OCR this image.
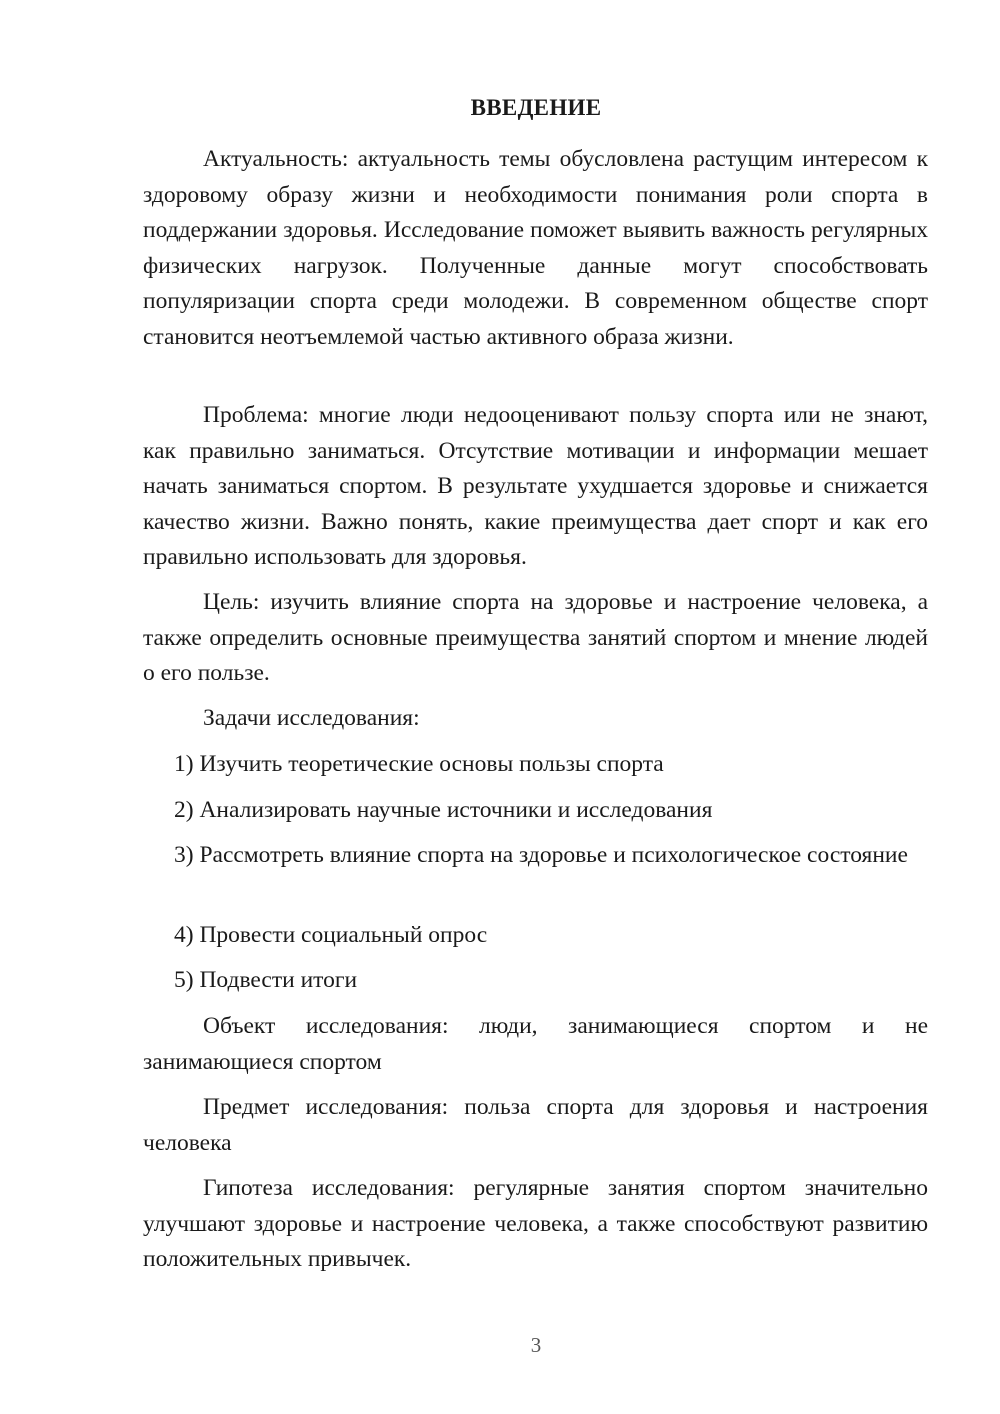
ВВЕДЕНИЕ

Актуальность: актуальность темы обусловлена растущим интересом к здоровому образу жизни и необходимости понимания роли спорта в поддержании здоровья. Исследование поможет выявить важность регулярных физических нагрузок. Полученные данные могут способствовать популяризации спорта среди молодежи. В современном обществе спорт становится неотъемлемой частью активного образа жизни.

Проблема: многие люди недооценивают пользу спорта или не знают, как правильно заниматься. Отсутствие мотивации и информации мешает начать заниматься спортом. В результате ухудшается здоровье и снижается качество жизни. Важно понять, какие преимущества дает спорт и как его правильно использовать для здоровья.

Цель: изучить влияние спорта на здоровье и настроение человека, а также определить основные преимущества занятий спортом и мнение людей о его пользе.

Задачи исследования:

1) Изучить теоретические основы пользы спорта

2) Анализировать научные источники и исследования

3) Рассмотреть влияние спорта на здоровье и психологическое состояние

4) Провести социальный опрос

5) Подвести итоги

Объект исследования: люди, занимающиеся спортом и не занимающиеся спортом

Предмет исследования: польза спорта для здоровья и настроения человека

Гипотеза исследования: регулярные занятия спортом значительно улучшают здоровье и настроение человека, а также способствуют развитию положительных привычек.

3
